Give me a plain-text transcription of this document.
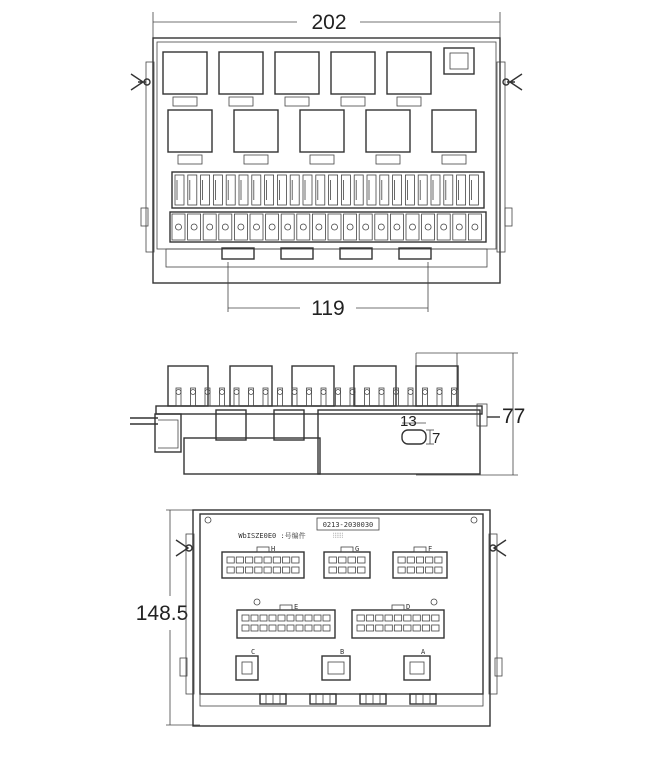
202
119
77
13
7
148.5
0213-2030030
⫶⫶⫶⫶⫶⫶
WbISZE0E0 :号编件
H	G	F
E	D
C	B	A
